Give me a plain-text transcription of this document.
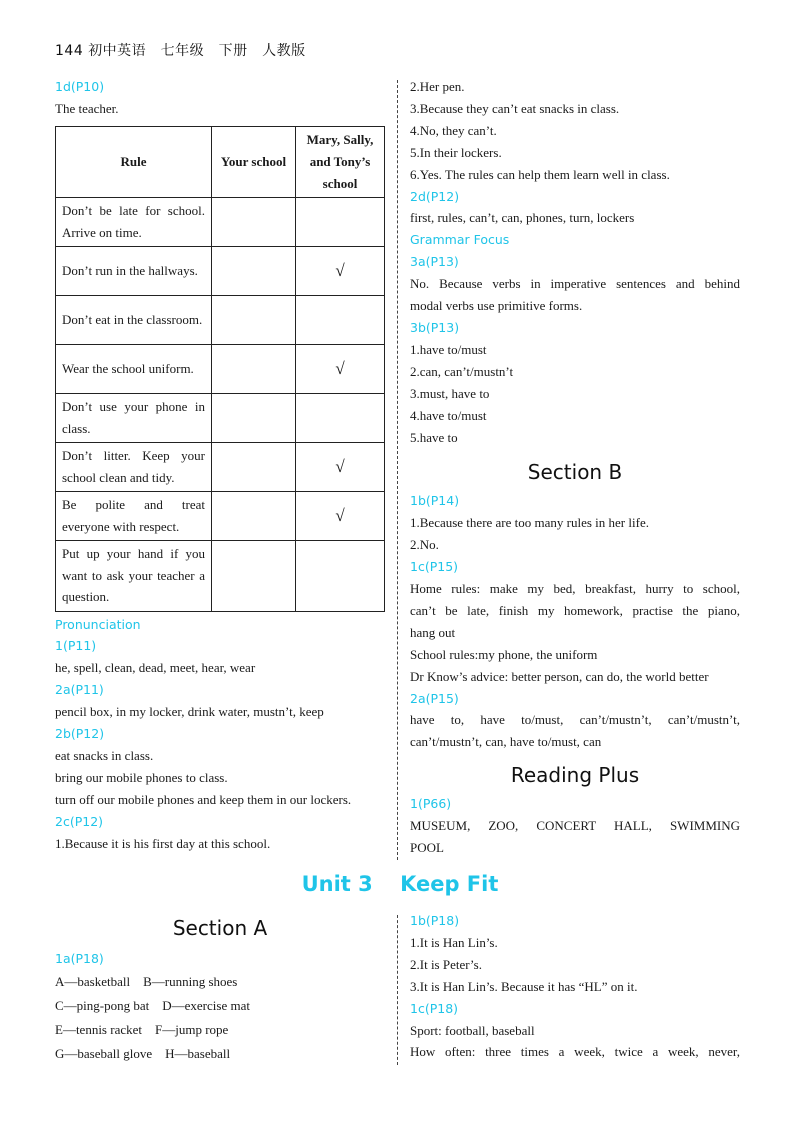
144 初中英语　七年级　下册　人教版
1d(P10)
The teacher.
Rule	Your school	Mary, Sally, and Tony’s school
Don’t be late for school. Arrive on time.		
Don’t run in the hallways.		√
Don’t eat in the classroom.		
Wear the school uniform.		√
Don’t use your phone in class.		
Don’t litter. Keep your school clean and tidy.		√
Be polite and treat everyone with respect.		√
Put up your hand if you want to ask your teacher a question.		
Pronunciation
1(P11)
he, spell, clean, dead, meet, hear, wear
2a(P11)
pencil box, in my locker, drink water, mustn’t, keep
2b(P12)
eat snacks in class.
bring our mobile phones to class.
turn off our mobile phones and keep them in our lockers.
2c(P12)
1.Because it is his first day at this school.
2.Her pen.
3.Because they can’t eat snacks in class.
4.No, they can’t.
5.In their lockers.
6.Yes. The rules can help them learn well in class.
2d(P12)
first, rules, can’t, can, phones, turn, lockers
Grammar Focus
3a(P13)
No. Because verbs in imperative sentences and behind
modal verbs use primitive forms.
3b(P13)
1.have to/must
2.can, can’t/mustn’t
3.must, have to
4.have to/must
5.have to
Section B
1b(P14)
1.Because there are too many rules in her life.
2.No.
1c(P15)
Home rules: make my bed, breakfast, hurry to school,
can’t be late, finish my homework, practise the piano,
hang out
School rules:my phone, the uniform
Dr Know’s advice: better person, can do, the world better
2a(P15)
have to, have to/must, can’t/mustn’t, can’t/mustn’t,
can’t/mustn’t, can, have to/must, can
Reading Plus
1(P66)
MUSEUM, ZOO, CONCERT HALL, SWIMMING
POOL
Unit 3 Keep Fit
Section A
1a(P18)
A—basketball　B—running shoes
C—ping-pong bat　D—exercise mat
E—tennis racket　F—jump rope
G—baseball glove　H—baseball
1b(P18)
1.It is Han Lin’s.
2.It is Peter’s.
3.It is Han Lin’s. Because it has “HL” on it.
1c(P18)
Sport: football, baseball
How often: three times a week, twice a week, never,
